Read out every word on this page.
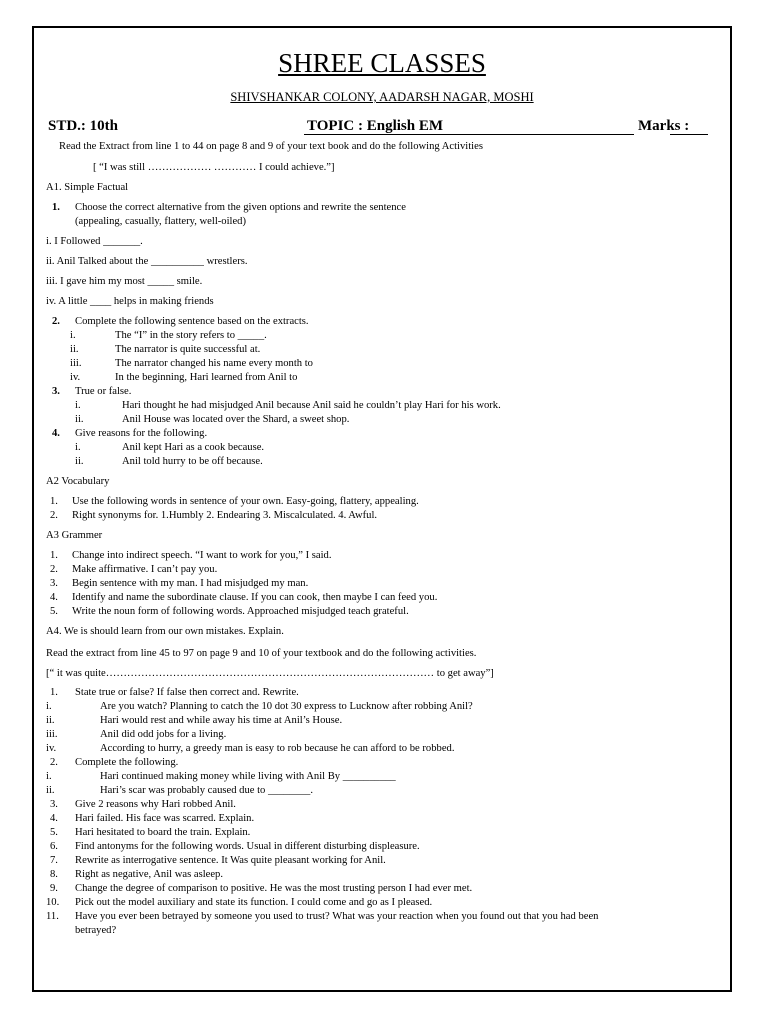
SHREE CLASSES
SHIVSHANKAR COLONY, AADARSH NAGAR, MOSHI
STD.: 10th	TOPIC : English EM	Marks :
Read the Extract from line 1 to 44 on page 8 and 9 of your text book and do the following Activities
[ “I was still ……………… ………… I could achieve.”]
A1. Simple Factual
1. Choose the correct alternative from the given options and rewrite the sentence
(appealing, casually, flattery, well-oiled)
i. I Followed _______.
ii. Anil Talked about the __________ wrestlers.
iii. I gave him my most _____ smile.
iv. A little ____ helps in making friends
2. Complete the following sentence based on the extracts.
i.	The “I” in the story refers to _____.
ii.	The narrator is quite successful at.
iii.	The narrator changed his name every month to
iv.	In the beginning, Hari learned from Anil to
3. True or false.
i.	Hari thought he had misjudged Anil because Anil said he couldn’t play Hari for his work.
ii.	Anil House was located over the Shard, a sweet shop.
4. Give reasons for the following.
i.	Anil kept Hari as a cook because.
ii.	Anil told hurry to be off because.
A2 Vocabulary
1. Use the following words in sentence of your own. Easy-going, flattery, appealing.
2. Right synonyms for. 1.Humbly 2. Endearing 3. Miscalculated. 4. Awful.
A3 Grammer
1. Change into indirect speech. “I want to work for you,” I said.
2. Make affirmative. I can’t pay you.
3. Begin sentence with my man. I had misjudged my man.
4. Identify and name the subordinate clause. If you can cook, then maybe I can feed you.
5. Write the noun form of following words. Approached misjudged teach grateful.
A4. We is should learn from our own mistakes. Explain.
Read the extract from line 45 to 97 on page 9 and 10 of your textbook and do the following activities.
[“ it was quite………………………………………………………………………………… to get away”]
1. State true or false? If false then correct and. Rewrite.
i.	Are you watch? Planning to catch the 10 dot 30 express to Lucknow after robbing Anil?
ii.	Hari would rest and while away his time at Anil’s House.
iii.	Anil did odd jobs for a living.
iv.	According to hurry, a greedy man is easy to rob because he can afford to be robbed.
2. Complete the following.
i.	Hari continued making money while living with Anil By __________
ii.	Hari’s scar was probably caused due to ________.
3. Give 2 reasons why Hari robbed Anil.
4. Hari failed. His face was scarred. Explain.
5. Hari hesitated to board the train. Explain.
6. Find antonyms for the following words. Usual in different disturbing displeasure.
7. Rewrite as interrogative sentence. It Was quite pleasant working for Anil.
8. Right as negative, Anil was asleep.
9. Change the degree of comparison to positive. He was the most trusting person I had ever met.
10. Pick out the model auxiliary and state its function. I could come and go as I pleased.
11. Have you ever been betrayed by someone you used to trust? What was your reaction when you found out that you had been
betrayed?
